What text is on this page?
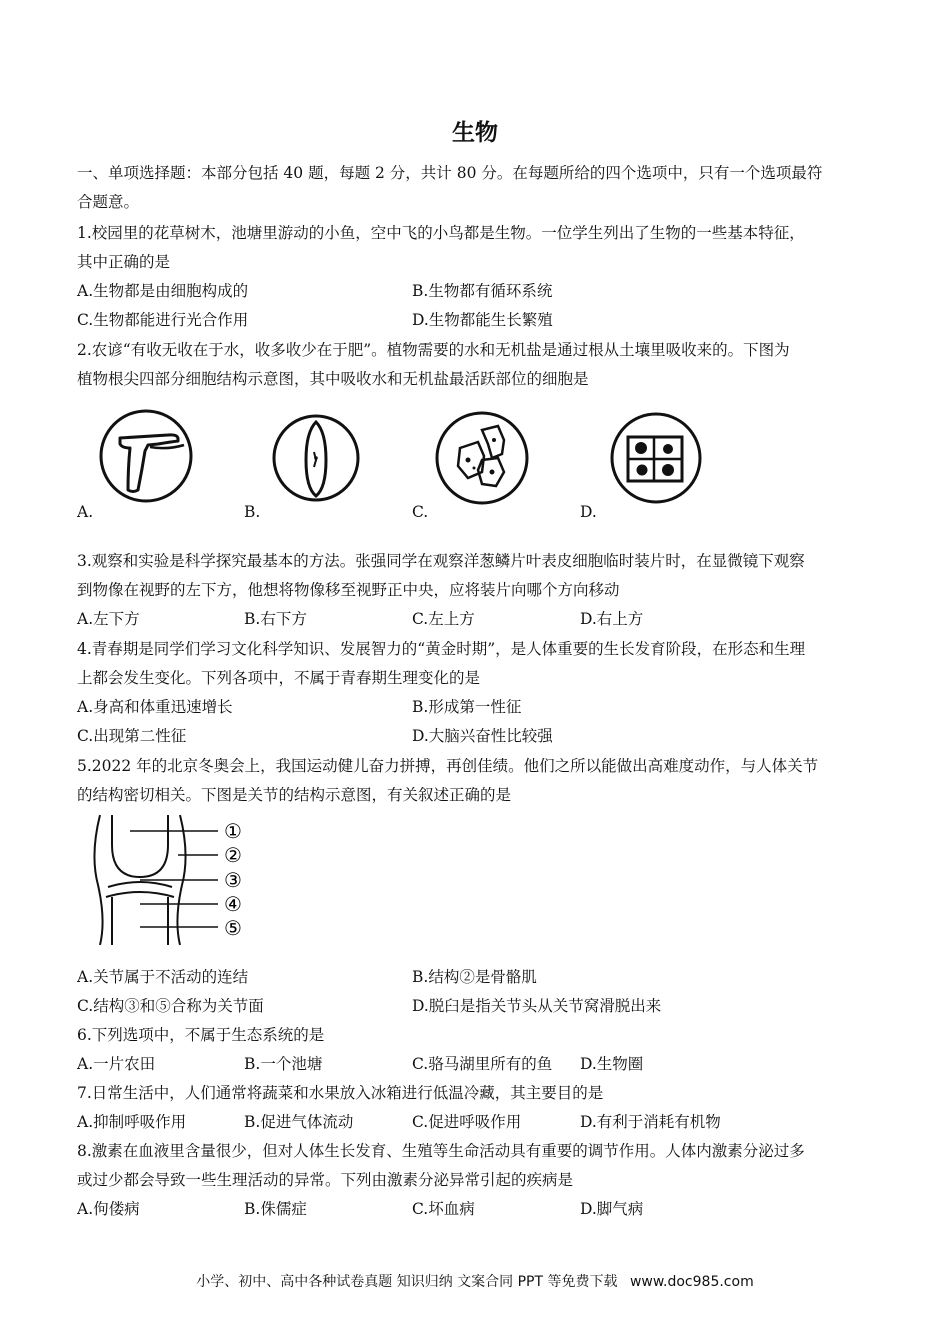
生物
一、单项选择题：本部分包括 40 题，每题 2 分，共计 80 分。在每题所给的四个选项中，只有一个选项最符
合题意。
1.校园里的花草树木，池塘里游动的小鱼，空中飞的小鸟都是生物。一位学生列出了生物的一些基本特征，
其中正确的是
A.生物都是由细胞构成的	B.生物都有循环系统
C.生物都能进行光合作用	D.生物都能生长繁殖
2.农谚“有收无收在于水，收多收少在于肥”。植物需要的水和无机盐是通过根从土壤里吸收来的。下图为
植物根尖四部分细胞结构示意图，其中吸收水和无机盐最活跃部位的细胞是
A.	B.	C.	D.
3.观察和实验是科学探究最基本的方法。张强同学在观察洋葱鳞片叶表皮细胞临时装片时，在显微镜下观察
到物像在视野的左下方，他想将物像移至视野正中央，应将装片向哪个方向移动
A.左下方	B.右下方	C.左上方	D.右上方
4.青春期是同学们学习文化科学知识、发展智力的“黄金时期”，是人体重要的生长发育阶段，在形态和生理
上都会发生变化。下列各项中，不属于青春期生理变化的是
A.身高和体重迅速增长	B.形成第一性征
C.出现第二性征	D.大脑兴奋性比较强
5.2022 年的北京冬奥会上，我国运动健儿奋力拼搏，再创佳绩。他们之所以能做出高难度动作，与人体关节
的结构密切相关。下图是关节的结构示意图，有关叙述正确的是
①
②
③
④
⑤
A.关节属于不活动的连结	B.结构②是骨骼肌
C.结构③和⑤合称为关节面	D.脱臼是指关节头从关节窝滑脱出来
6.下列选项中，不属于生态系统的是
A.一片农田	B.一个池塘	C.骆马湖里所有的鱼 D.生物圈
7.日常生活中，人们通常将蔬菜和水果放入冰箱进行低温冷藏，其主要目的是
A.抑制呼吸作用	B.促进气体流动	C.促进呼吸作用	D.有利于消耗有机物
8.激素在血液里含量很少，但对人体生长发育、生殖等生命活动具有重要的调节作用。人体内激素分泌过多
或过少都会导致一些生理活动的异常。下列由激素分泌异常引起的疾病是
A.佝偻病	B.侏儒症	C.坏血病	D.脚气病
小学、初中、高中各种试卷真题 知识归纳 文案合同 PPT 等免费下载 www.doc985.com
